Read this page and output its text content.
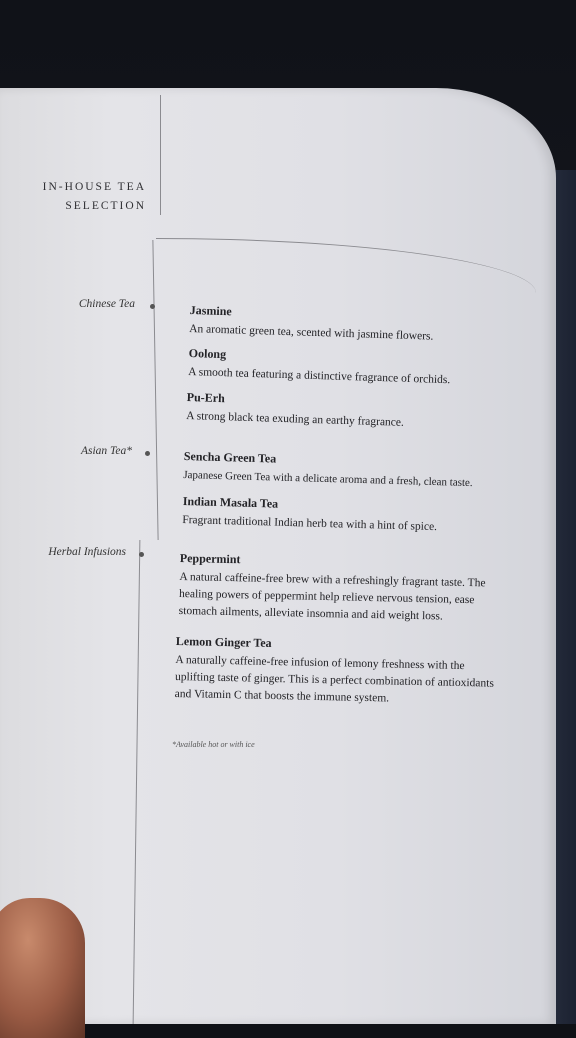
IN-HOUSE TEA
SELECTION
Chinese Tea	Jasmine
An aromatic green tea, scented with jasmine flowers.
Oolong
A smooth tea featuring a distinctive fragrance of orchids.
Pu-Erh
A strong black tea exuding an earthy fragrance.
Asian Tea*	Sencha Green Tea
Japanese Green Tea with a delicate aroma and a fresh, clean taste.
Indian Masala Tea
Fragrant traditional Indian herb tea with a hint of spice.
Herbal Infusions	Peppermint
A natural caffeine-free brew with a refreshingly fragrant taste. The healing powers of peppermint help relieve nervous tension, ease stomach ailments, alleviate insomnia and aid weight loss.
Lemon Ginger Tea
A naturally caffeine-free infusion of lemony freshness with the uplifting taste of ginger. This is a perfect combination of antioxidants and Vitamin C that boosts the immune system.
*Available hot or with ice
